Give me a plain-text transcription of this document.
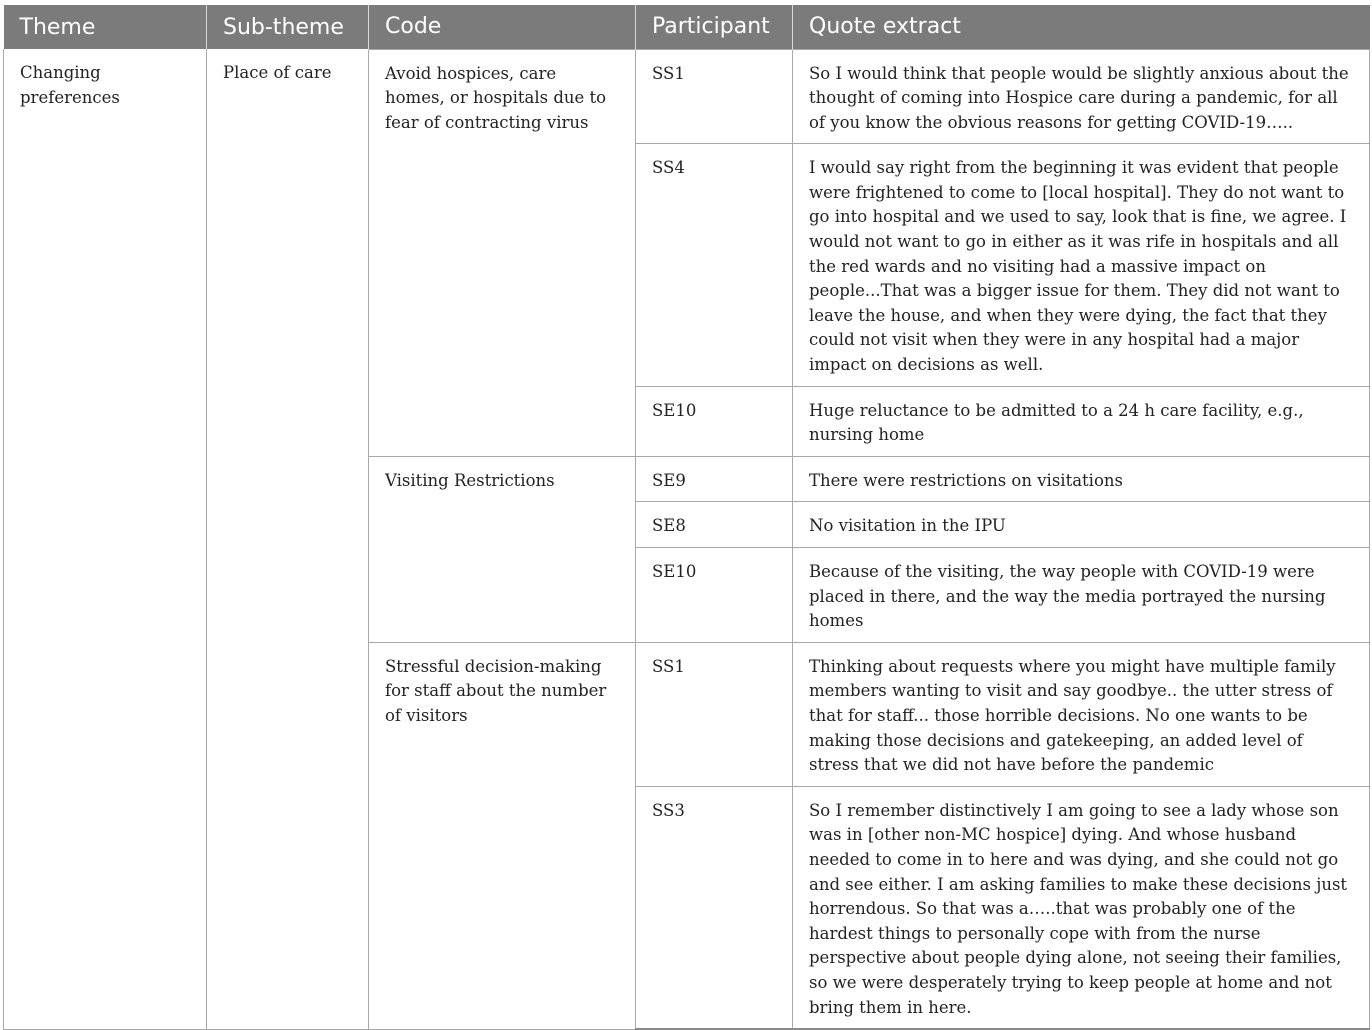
Theme	Sub-theme	Code	Participant	Quote extract
Changing preferences	Place of care	Avoid hospices, care homes, or hospitals due to fear of contracting virus	SS1	So I would think that people would be slightly anxious about the thought of coming into Hospice care during a pandemic, for all of you know the obvious reasons for getting COVID-19…..
			SS4	I would say right from the beginning it was evident that people were frightened to come to [local hospital]. They do not want to go into hospital and we used to say, look that is fine, we agree. I would not want to go in either as it was rife in hospitals and all the red wards and no visiting had a massive impact on people...That was a bigger issue for them. They did not want to leave the house, and when they were dying, the fact that they could not visit when they were in any hospital had a major impact on decisions as well.
			SE10	Huge reluctance to be admitted to a 24 h care facility, e.g., nursing home
		Visiting Restrictions	SE9	There were restrictions on visitations
			SE8	No visitation in the IPU
			SE10	Because of the visiting, the way people with COVID-19 were placed in there, and the way the media portrayed the nursing homes
		Stressful decision-making for staff about the number of visitors	SS1	Thinking about requests where you might have multiple family members wanting to visit and say goodbye.. the utter stress of that for staff... those horrible decisions. No one wants to be making those decisions and gatekeeping, an added level of stress that we did not have before the pandemic
			SS3	So I remember distinctively I am going to see a lady whose son was in [other non-MC hospice] dying. And whose husband needed to come in to here and was dying, and she could not go and see either. I am asking families to make these decisions just horrendous. So that was a…..that was probably one of the hardest things to personally cope with from the nurse perspective about people dying alone, not seeing their families, so we were desperately trying to keep people at home and not bring them in here.
